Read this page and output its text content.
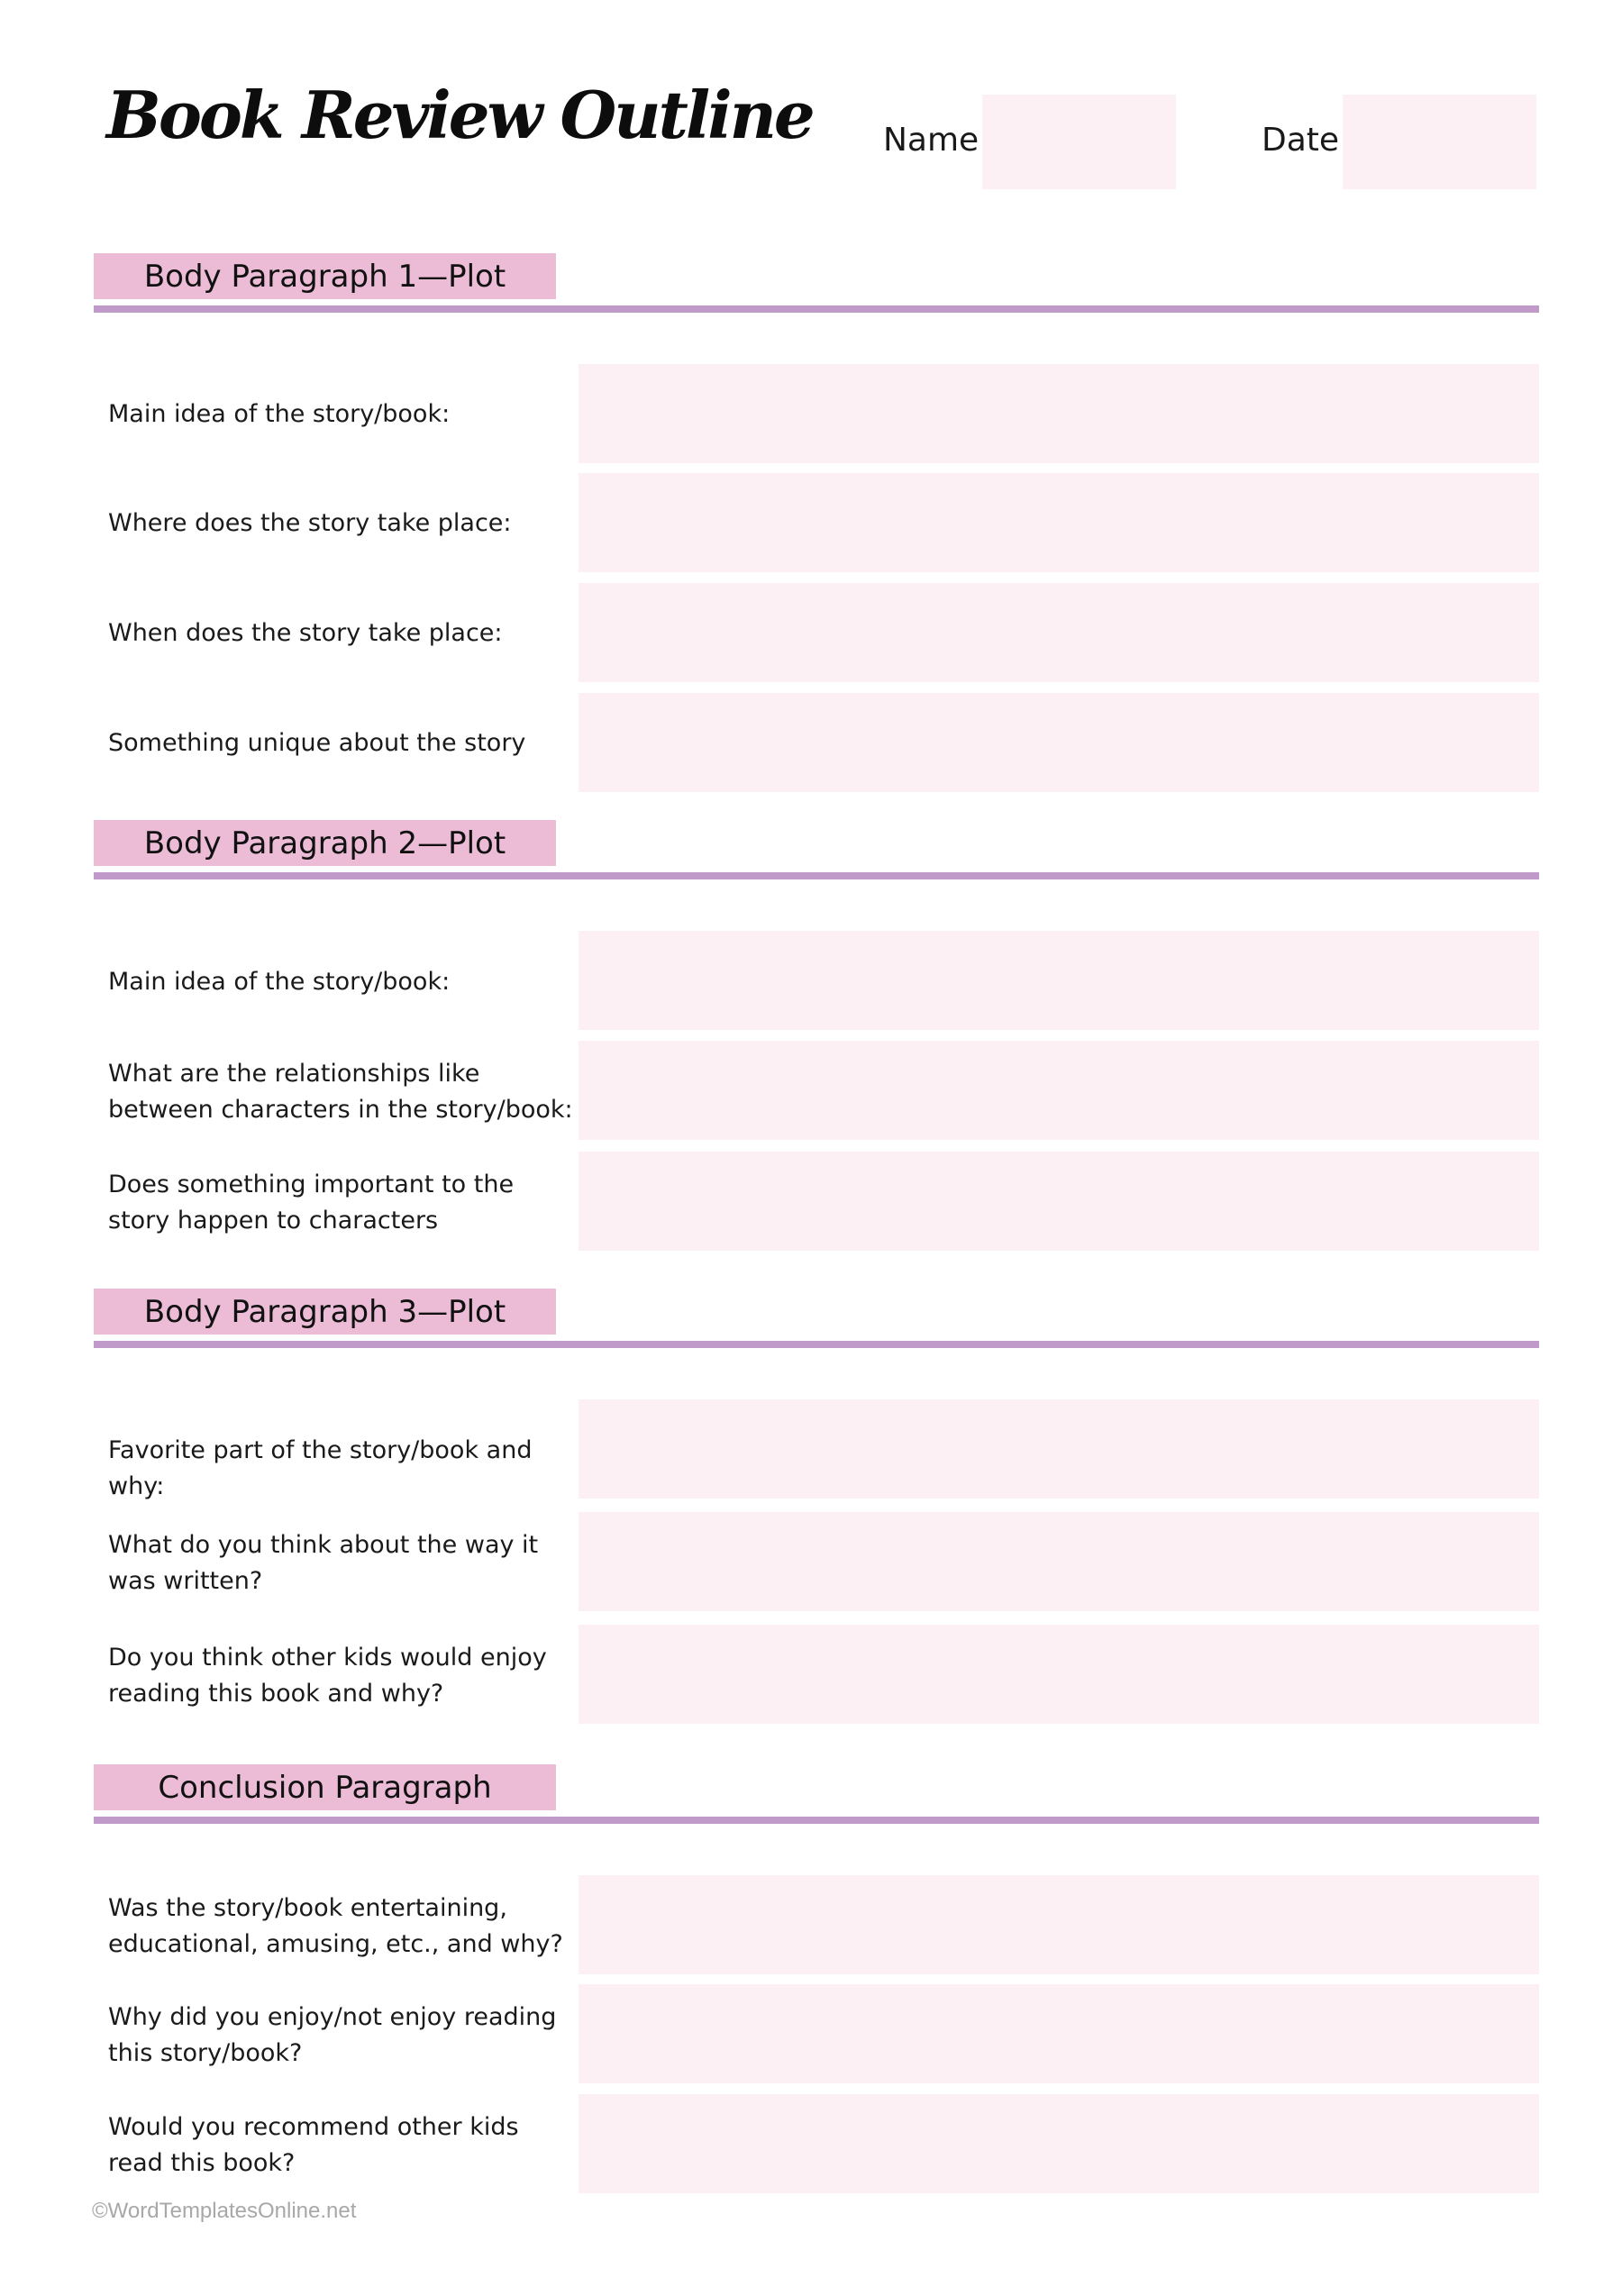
Book Review Outline Name	Date
Body Paragraph 1—Plot
Main idea of the story/book:
Where does the story take place:
When does the story take place:
Something unique about the story
Body Paragraph 2—Plot
Main idea of the story/book:
What are the relationships like between characters in the story/book:
Does something important to the story happen to characters
Body Paragraph 3—Plot
Favorite part of the story/book and why:
What do you think about the way it was written?
Do you think other kids would enjoy reading this book and why?
Conclusion Paragraph
Was the story/book entertaining, educational, amusing, etc., and why?
Why did you enjoy/not enjoy reading this story/book?
Would you recommend other kids read this book?
©WordTemplatesOnline.net
